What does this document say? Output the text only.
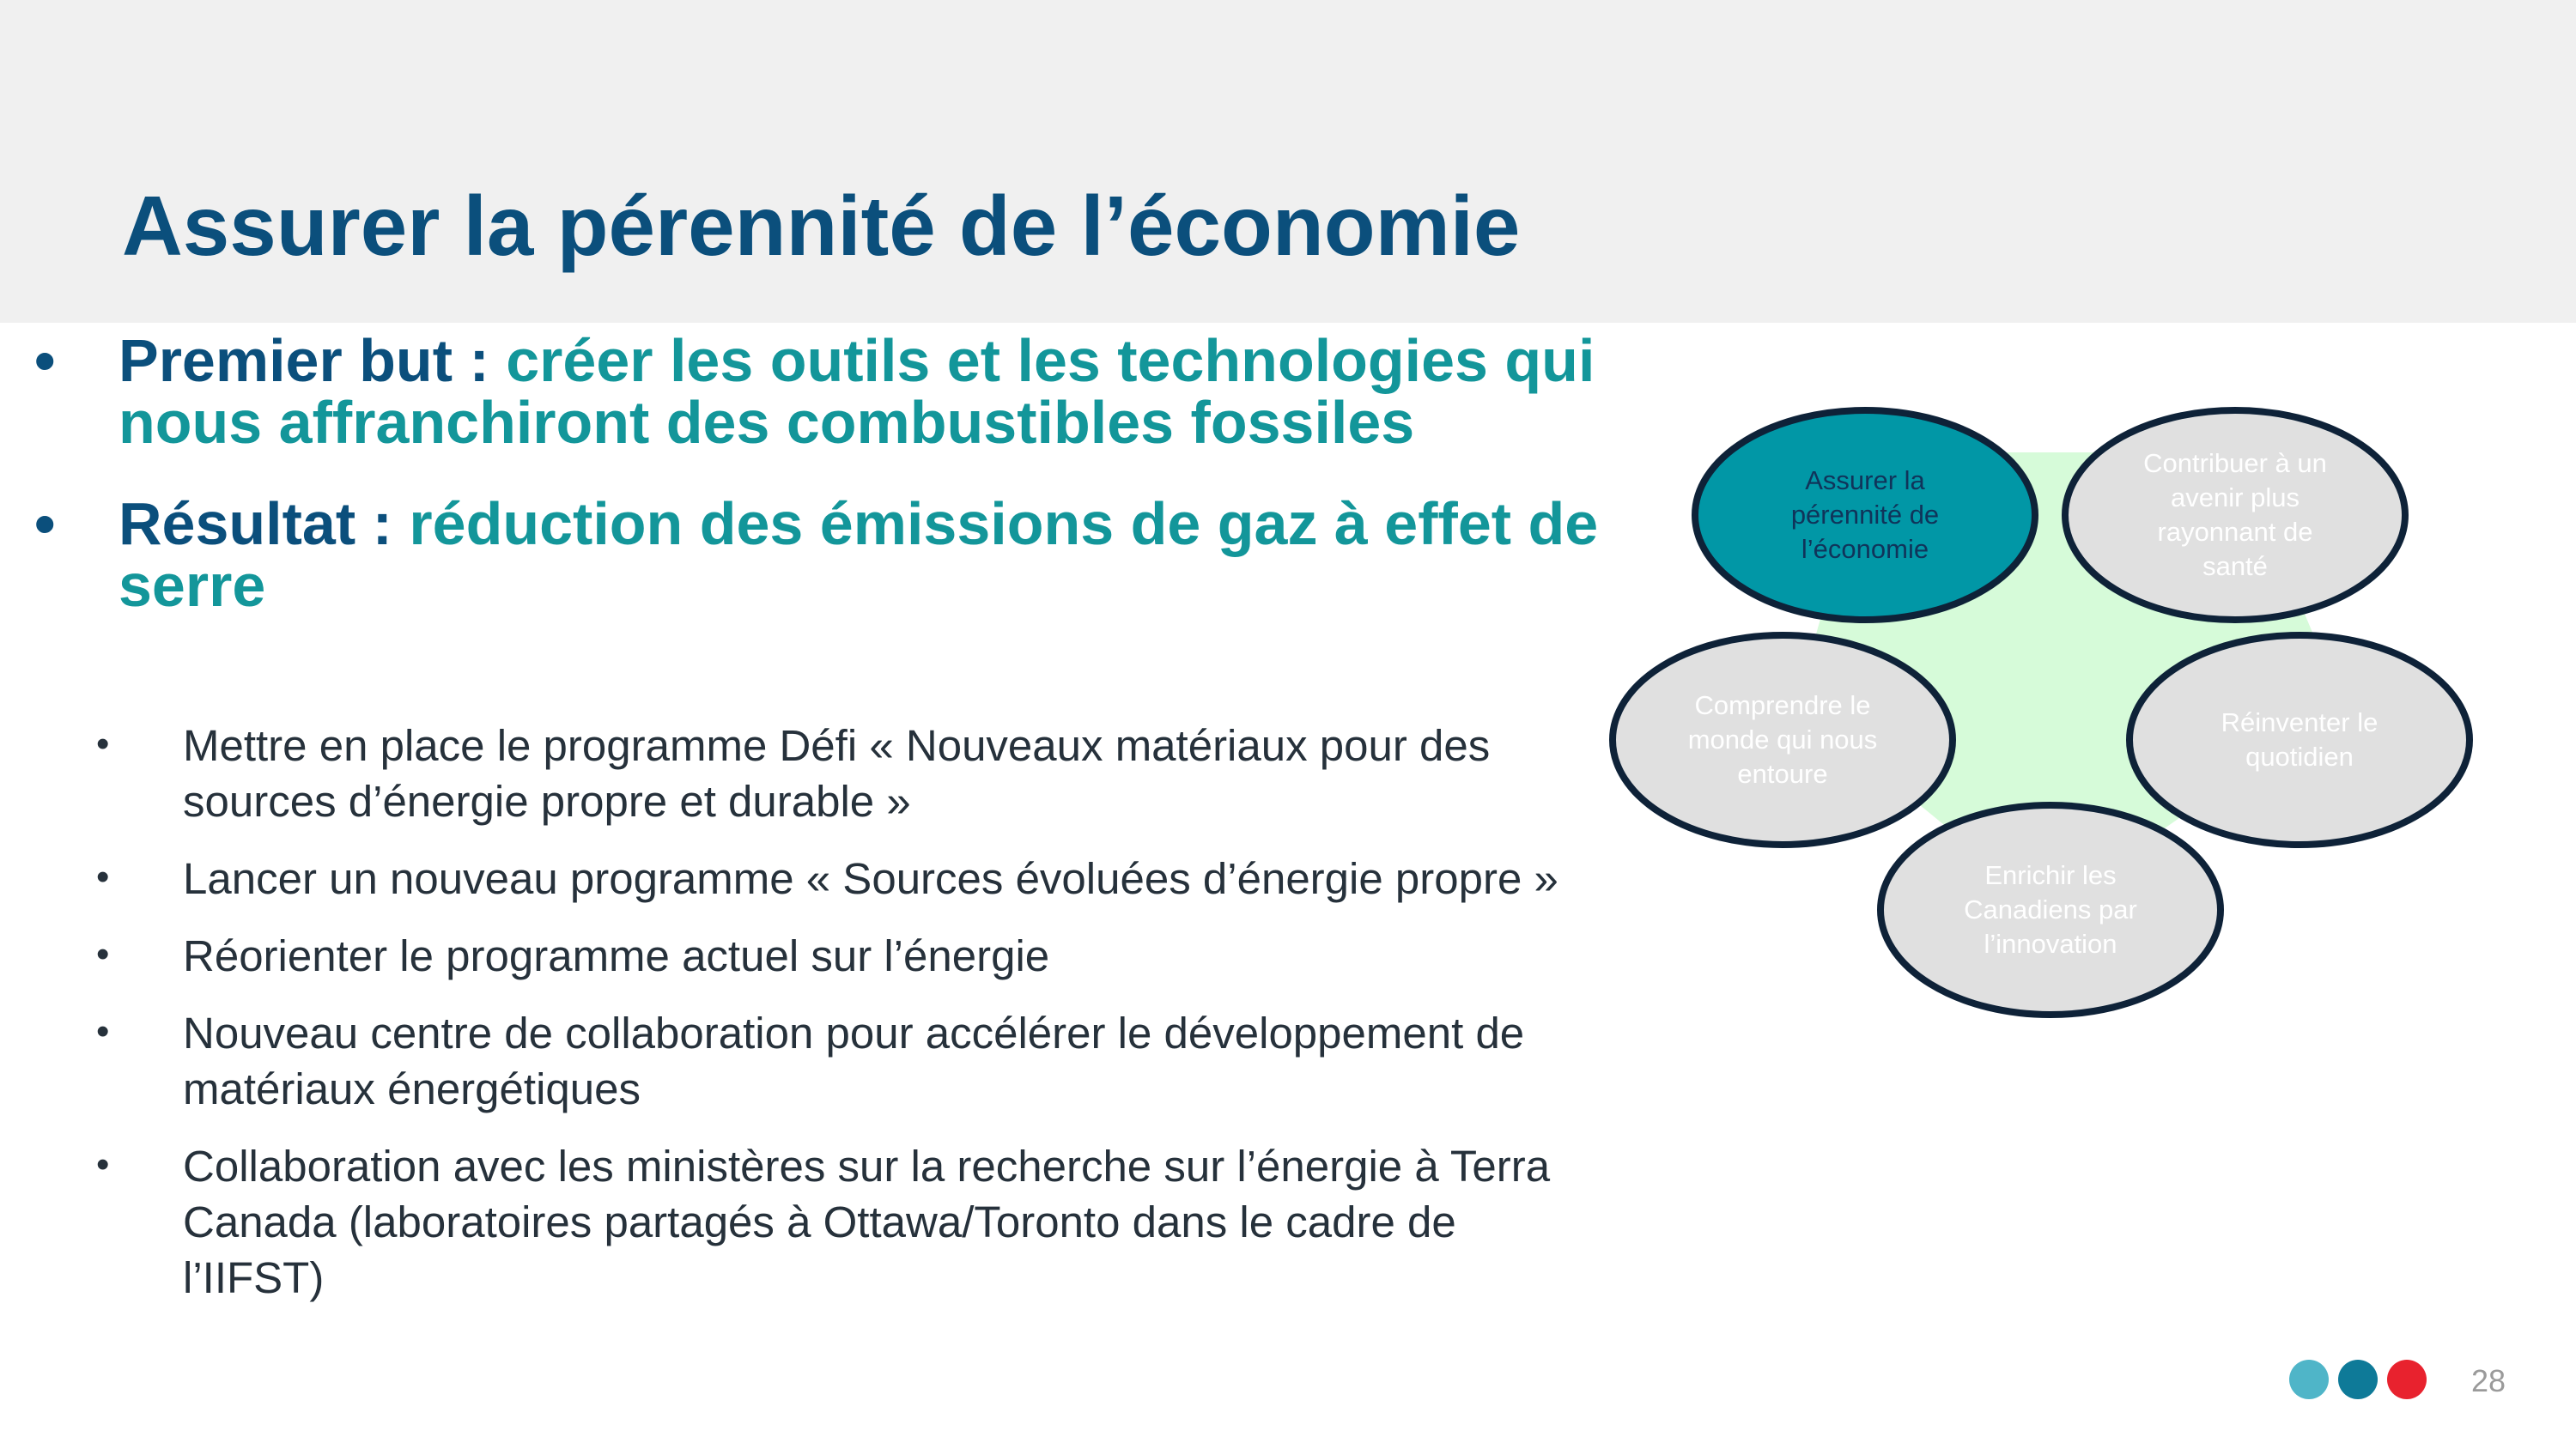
Assurer la pérennité de l’économie
• Premier but : créer les outils et les technologies qui nous affranchiront des combustibles fossiles
• Résultat : réduction des émissions de gaz à effet de serre
• Mettre en place le programme Défi « Nouveaux matériaux pour des sources d’énergie propre et durable »
• Lancer un nouveau programme « Sources évoluées d’énergie propre »
• Réorienter le programme actuel sur l’énergie
• Nouveau centre de collaboration pour accélérer le développement de matériaux énergétiques
• Collaboration avec les ministères sur la recherche sur l’énergie à Terra Canada (laboratoires partagés à Ottawa/Toronto dans le cadre de l’IIFST)
Assurer la pérennité de l’économie
Contribuer à un avenir plus rayonnant de santé
Réinventer le quotidien
Enrichir les Canadiens par l’innovation
Comprendre le monde qui nous entoure
28
